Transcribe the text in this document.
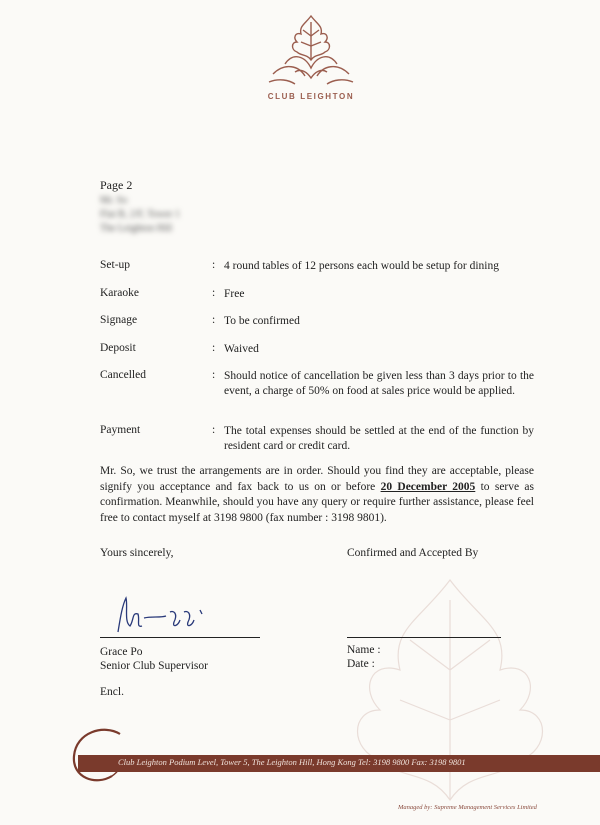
CLUB LEIGHTON
Page 2
Mr. So
Flat B, 2/F, Tower 1
The Leighton Hill
Set-up	: 4 round tables of 12 persons each would be setup for dining
Karaoke	: Free
Signage	: To be confirmed
Deposit	: Waived
Cancelled	: Should notice of cancellation be given less than 3 days prior to the event, a charge of 50% on food at sales price would be applied.
Payment	: The total expenses should be settled at the end of the function by resident card or credit card.
Mr. So, we trust the arrangements are in order. Should you find they are acceptable, please signify you acceptance and fax back to us on or before 20 December 2005 to serve as confirmation. Meanwhile, should you have any query or require further assistance, please feel free to contact myself at 3198 9800 (fax number : 3198 9801).
Yours sincerely,	Confirmed and Accepted By
Grace Po
Senior Club Supervisor
Name :
Date :
Encl.
Club Leighton Podium Level, Tower 5, The Leighton Hill, Hong Kong Tel: 3198 9800 Fax: 3198 9801
Managed by: Supreme Management Services Limited
